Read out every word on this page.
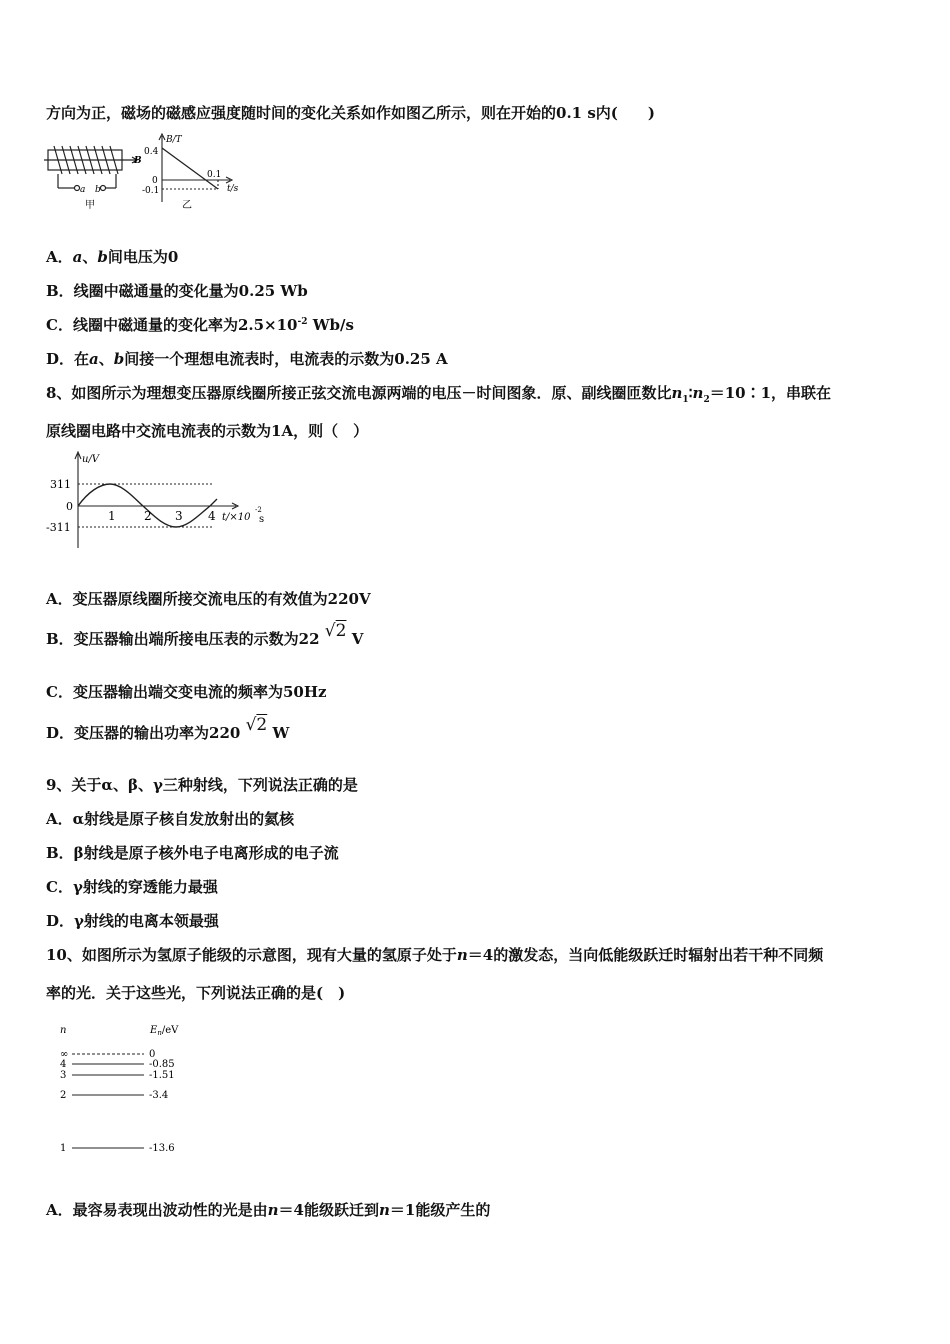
方向为正，磁场的磁感应强度随时间的变化关系如作如图乙所示，则在开始的0.1 s内(　　)
B
a b
甲
B/T
0.4
0
-0.1
0.1
t/s
乙
A．a、b间电压为0
B．线圈中磁通量的变化量为0.25 Wb
C．线圈中磁通量的变化率为$2.5\times 10^{-2}$ Wb/s
D．在a、b间接一个理想电流表时，电流表的示数为0.25 A
8、如图所示为理想变压器原线圈所接正弦交流电源两端的电压－时间图象．原、副线圈匝数比$n_1∶n_2=10∶1$，串联在
原线圈电路中交流电流表的示数为1A，则（　）
u/V
311
0
-311
1 2 3 4 t/×10
-2
s
A．变压器原线圈所接交流电压的有效值为220V
B．变压器输出端所接电压表的示数为22 √2 V
C．变压器输出端交变电流的频率为50Hz
D．变压器的输出功率为220 √2 W
9、关于α、β、γ三种射线，下列说法正确的是
A．α射线是原子核自发放射出的氦核
B．β射线是原子核外电子电离形成的电子流
C．γ射线的穿透能力最强
D．γ射线的电离本领最强
10、如图所示为氢原子能级的示意图，现有大量的氢原子处于n＝4的激发态，当向低能级跃迁时辐射出若干种不同频
率的光．关于这些光，下列说法正确的是(　)
n	$E_n/eV$
∞
4
3
2
1
0
-0.85
-1.51
-3.4
-13.6
A．最容易表现出波动性的光是由n＝4能级跃迁到n＝1能级产生的
